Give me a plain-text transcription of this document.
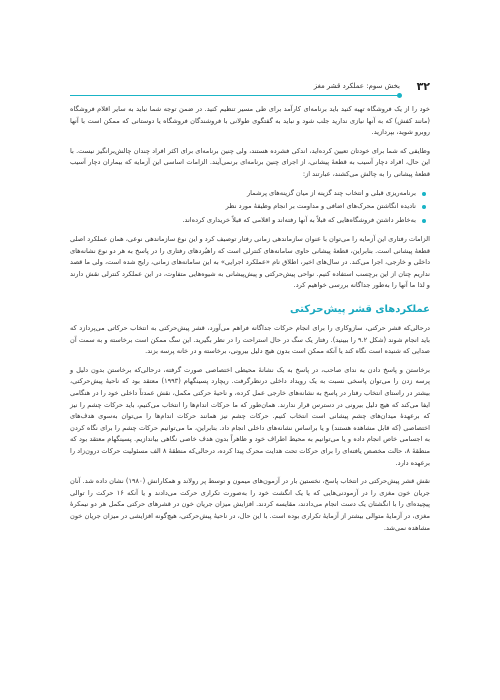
۳۲
بخش سوم: عملکرد قشر مغز

خود را از یک فروشگاه تهیه کنید باید برنامه‌ای کارآمد برای طی مسیر تنظیم کنید. در ضمن توجه شما نباید به سایر اقلام فروشگاه (مانند کفش) که به آنها نیازی ندارید جلب شود و نباید به گفتگوی طولانی با فروشندگان فروشگاه یا دوستانی که ممکن است با آنها روبرو شوید، بپردازید.

وظایفی که شما برای خودتان تعیین کرده‌اید، اندکی فشرده هستند، ولی چنین برنامه‌ای برای اکثر افراد چندان چالش‌برانگیز نیست. با این حال، افراد دچار آسیب به قطعهٔ پیشانی، از اجرای چنین برنامه‌ای برنمی‌آیند. الزامات اساسی این آزمایه که بیماران دچار آسیب قطعهٔ پیشانی را به چالش می‌کشند، عبارتند از:

برنامه‌ریزی قبلی و انتخاب چند گزینه از میان گزینه‌های پرشمار
نادیده انگاشتن محرک‌های اضافی و مداومت بر انجام وظیفهٔ مورد نظر
به‌خاطر داشتن فروشگاه‌هایی که قبلاً به آنها رفته‌اند و اقلامی که قبلاً خریداری کرده‌اند.

الزامات رفتاری این آزمایه را می‌توان با عنوان سازماندهی زمانی رفتار توصیف کرد و این نوع سازماندهی نوعی، همان عملکرد اصلی قطعهٔ پیشانی است. بنابراین، قطعهٔ پیشانی حاوی سامانه‌های کنترلی است که راهبُردهای رفتاری را در پاسخ به هر دو نوع نشانه‌های داخلی و خارجی، اجرا می‌کند. در سال‌های اخیر، اطلاق نام «عملکرد اجرایی» به این سامانه‌های زمانی، رایج شده است، ولی ما قصد نداریم چنان از این برچسب استفاده کنیم. نواحی پیش‌حرکتی و پیش‌پیشانی به شیوه‌هایی متفاوت، در این عملکرد کنترلی نقش دارند و لذا ما آنها را به‌طور جداگانه بررسی خواهیم کرد.

عملکردهای قشر پیش‌حرکتی

درحالی‌که قشر حرکتی، سازوکاری را برای انجام حرکات جداگانه فراهم می‌آورد، قشر پیش‌حرکتی به انتخاب حرکاتی می‌پردازد که باید انجام شوند (شکل ۹.۲ را ببینید). رفتار یک سگ در حال استراحت را در نظر بگیرید. این سگ ممکن است برخاسته و به سمت آن صدایی که شنیده است نگاه کند یا آنکه ممکن است بدون هیچ دلیل بیرونی، برخاسته و در خانه پرسه بزند.

برخاستن و پاسخ دادن به ندای صاحب، در پاسخ به یک نشانهٔ محیطی اختصاصی صورت گرفته، درحالی‌که برخاستن بدون دلیل و پرسه زدن را می‌توان پاسخی نسبت به یک رویداد داخلی درنظرگرفت. ریچارد پسینگهام (۱۹۹۳) معتقد بود که ناحیهٔ پیش‌حرکتی، بیشتر در راستای انتخاب رفتار در پاسخ به نشانه‌های خارجی عمل کرده، و ناحیهٔ حرکتی مکمل، نقش عمدتاً داخلی خود را در هنگامی ایفا می‌کند که هیچ دلیل بیرونی در دسترس قرار ندارند. همان‌طور که ما حرکات اندام‌ها را انتخاب می‌کنیم، باید حرکات چشم را نیز که برعهدهٔ میدان‌های چشم پیشانی است انتخاب کنیم. حرکات چشم نیز همانند حرکات اندام‌ها را می‌توان به‌سوی هدف‌های اختصاصی (که قابل مشاهده هستند) و یا براساس نشانه‌های داخلی انجام داد. بنابراین، ما می‌توانیم حرکات چشم را برای نگاه کردن به اجسامی خاص انجام داده و یا می‌توانیم به محیط اطراف خود و ظاهراً بدون هدف خاصی نگاهی بیاندازیم. پسینگهام معتقد بود که منطقهٔ ۸، حالت مخصص یافته‌ای را برای حرکات تحت هدایت محرک پیدا کرده، درحالی‌که منطقهٔ ۸ الف مسئولیت حرکات درون‌زاد را برعهده دارد.

نقش قشر پیش‌حرکتی در انتخاب پاسخ، نخستین بار در آزمون‌های میمون و توسط پر رولاند و همکارانش (۱۹۸۰) نشان داده شد. آنان جریان خون مغزی را در آزمودنی‌هایی که یا یک انگشت خود را به‌صورت تکراری حرکت می‌دادند و یا آنکه ۱۶ حرکت را توالی پیچیده‌ای را با انگشتان یک دست انجام می‌دادند، مقایسه کردند. افزایش میزان جریان خون در قشرهای حرکتی مکمل هر دو نیمکرهٔ مغزی، در آزمایهٔ متوالی بیشتر از آزمایهٔ تکراری بوده است. با این حال، در ناحیهٔ پیش‌حرکتی، هیچ‌گونه افزایشی در میزان جریان خون مشاهده نمی‌شد.
